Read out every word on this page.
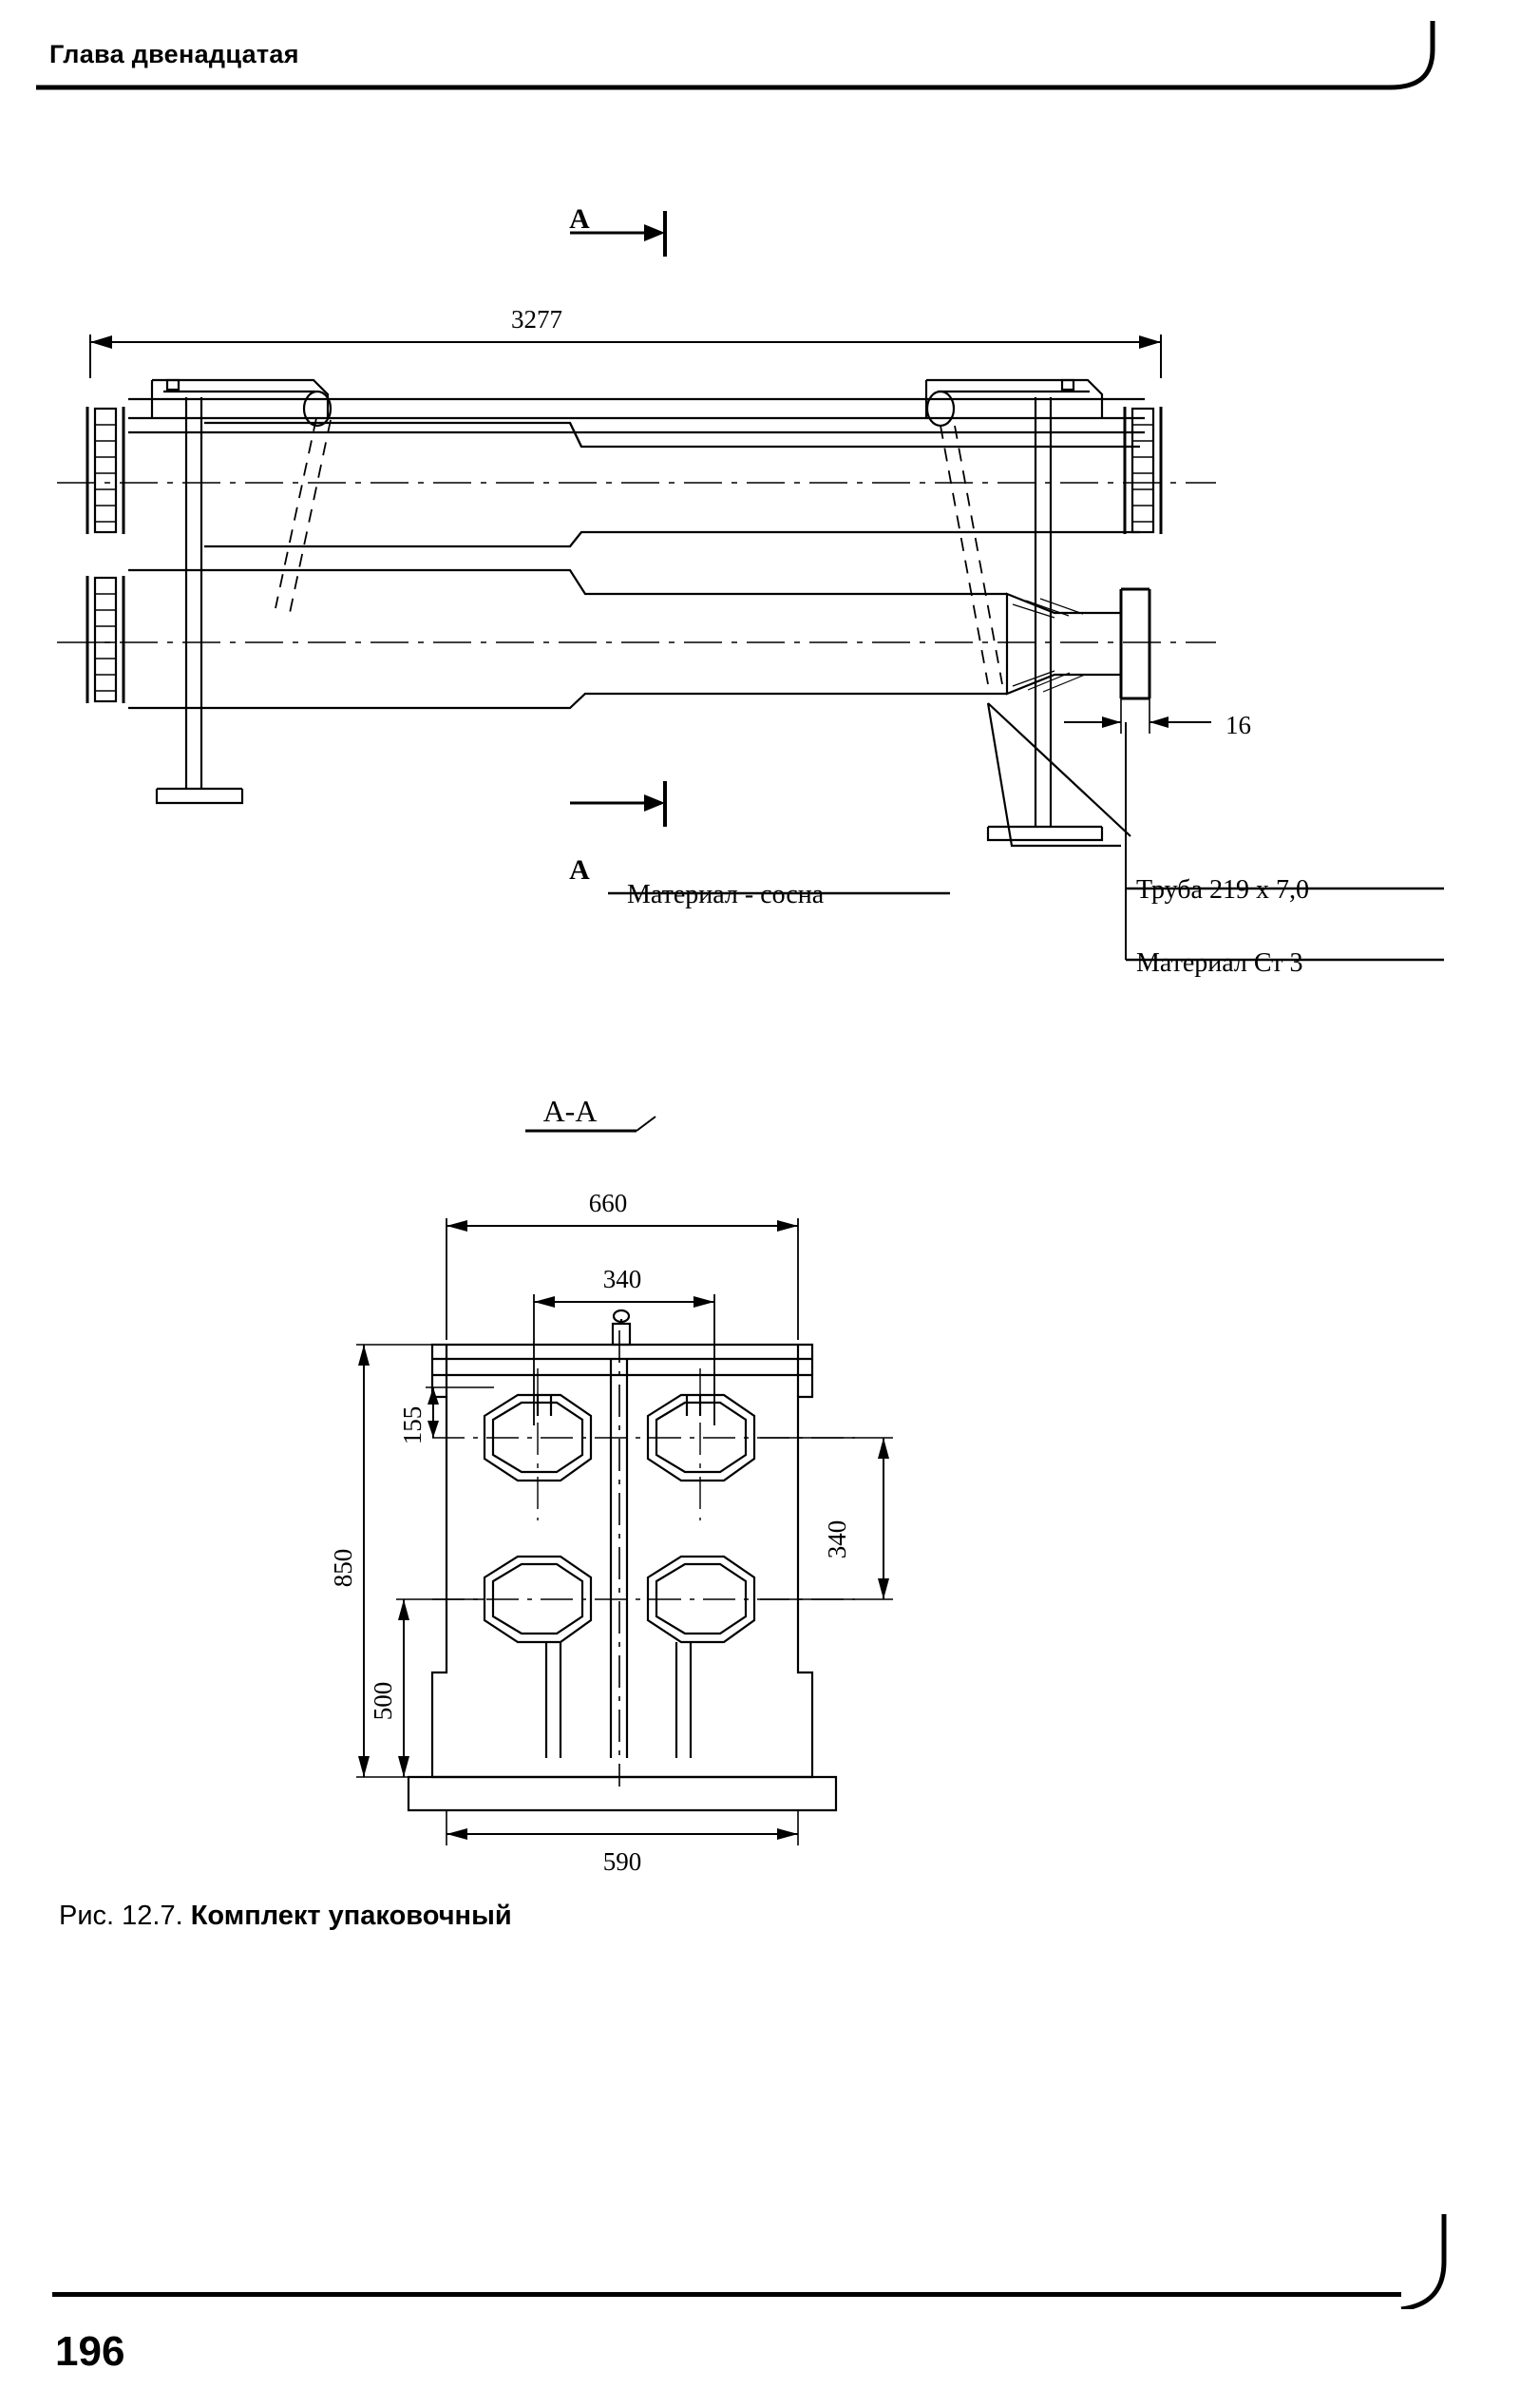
Глава двенадцатая
А
А
3277
16
Материал - сосна	Труба 219 х 7,0
Материал Ст 3
А-А
660
340
850
500
155
340
590
Рис. 12.7. Комплект упаковочный
196
